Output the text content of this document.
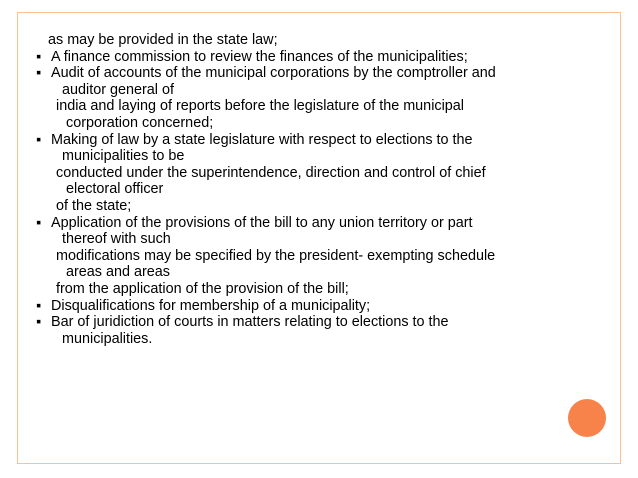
as may be provided in the state law;

▪ A finance commission to review the finances of the municipalities;

▪ Audit of accounts of the municipal corporations by the comptroller and

auditor general of

india and laying of reports before the legislature of the municipal

corporation concerned;

▪ Making of law by a state legislature with respect to elections to the

municipalities to be

conducted under the superintendence, direction and control of chief

electoral officer

of the state;

▪ Application of the provisions of the bill to any union territory or part

thereof with such

modifications may be specified by the president- exempting schedule

areas and areas

from the application of the provision of the bill;

▪ Disqualifications for membership of a municipality;

▪ Bar of juridiction of courts in matters relating to elections to the

municipalities.
